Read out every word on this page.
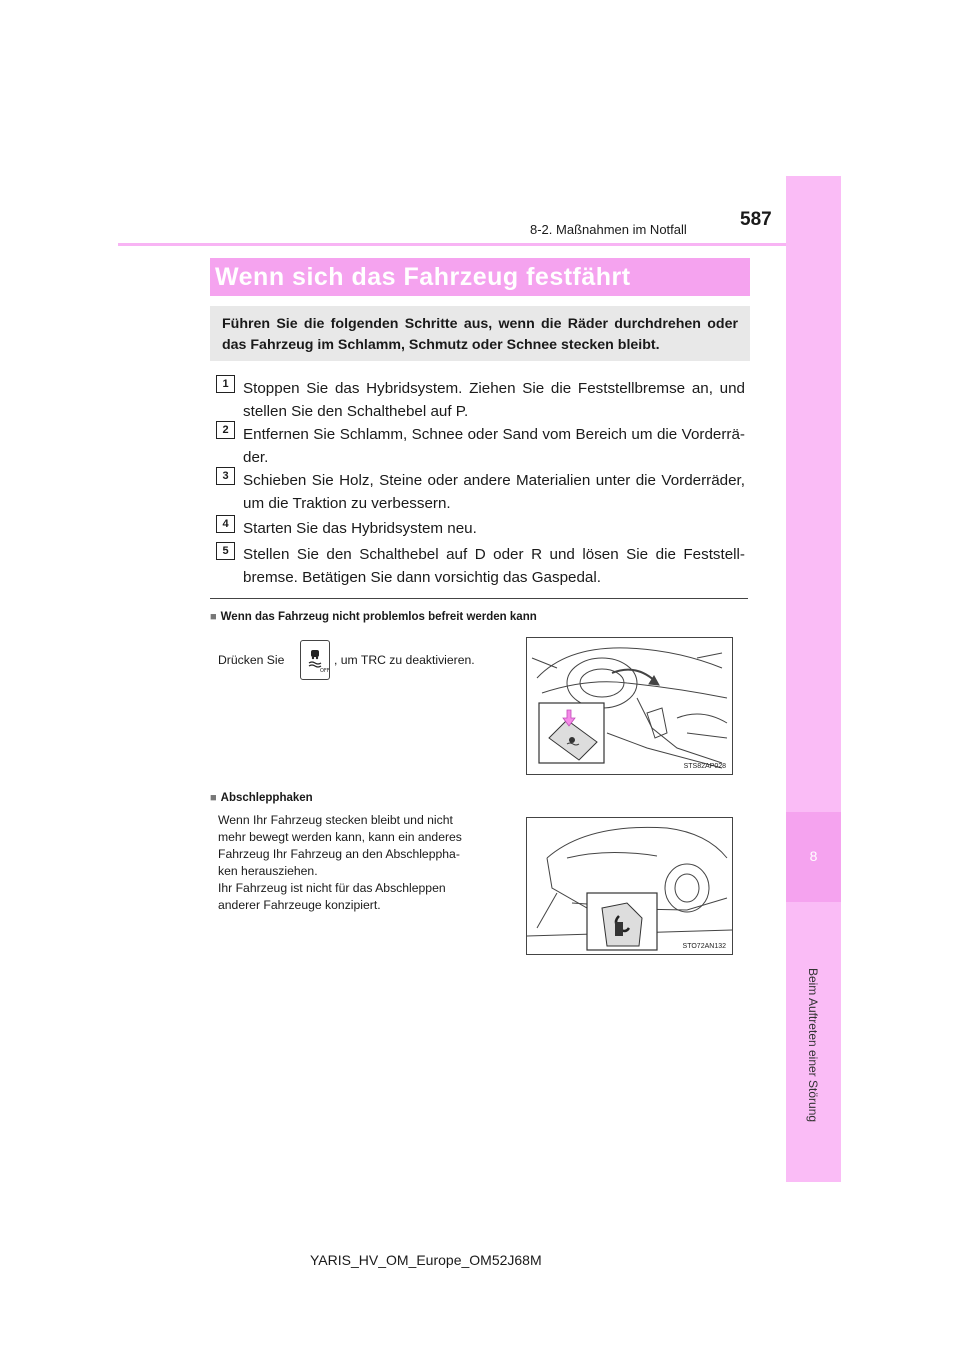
8-2. Maßnahmen im Notfall	587
8
Beim Auftreten einer Störung
Wenn sich das Fahrzeug festfährt
Führen Sie die folgenden Schritte aus, wenn die Räder durchdrehen oder das Fahrzeug im Schlamm, Schmutz oder Schnee stecken bleibt.
1 Stoppen Sie das Hybridsystem. Ziehen Sie die Feststellbremse an, und stellen Sie den Schalthebel auf P.
2 Entfernen Sie Schlamm, Schnee oder Sand vom Bereich um die Vorderrä-der.
3 Schieben Sie Holz, Steine oder andere Materialien unter die Vorderräder, um die Traktion zu verbessern.
4 Starten Sie das Hybridsystem neu.
5 Stellen Sie den Schalthebel auf D oder R und lösen Sie die Feststell-bremse. Betätigen Sie dann vorsichtig das Gaspedal.
■ Wenn das Fahrzeug nicht problemlos befreit werden kann
Drücken Sie
OFF
, um TRC zu deaktivieren.
STS82AP028
■ Abschlepphaken
Wenn Ihr Fahrzeug stecken bleibt und nicht
mehr bewegt werden kann, kann ein anderes
Fahrzeug Ihr Fahrzeug an den Abschleppha-
ken herausziehen.
Ihr Fahrzeug ist nicht für das Abschleppen
anderer Fahrzeuge konzipiert.
STO72AN132
YARIS_HV_OM_Europe_OM52J68M
